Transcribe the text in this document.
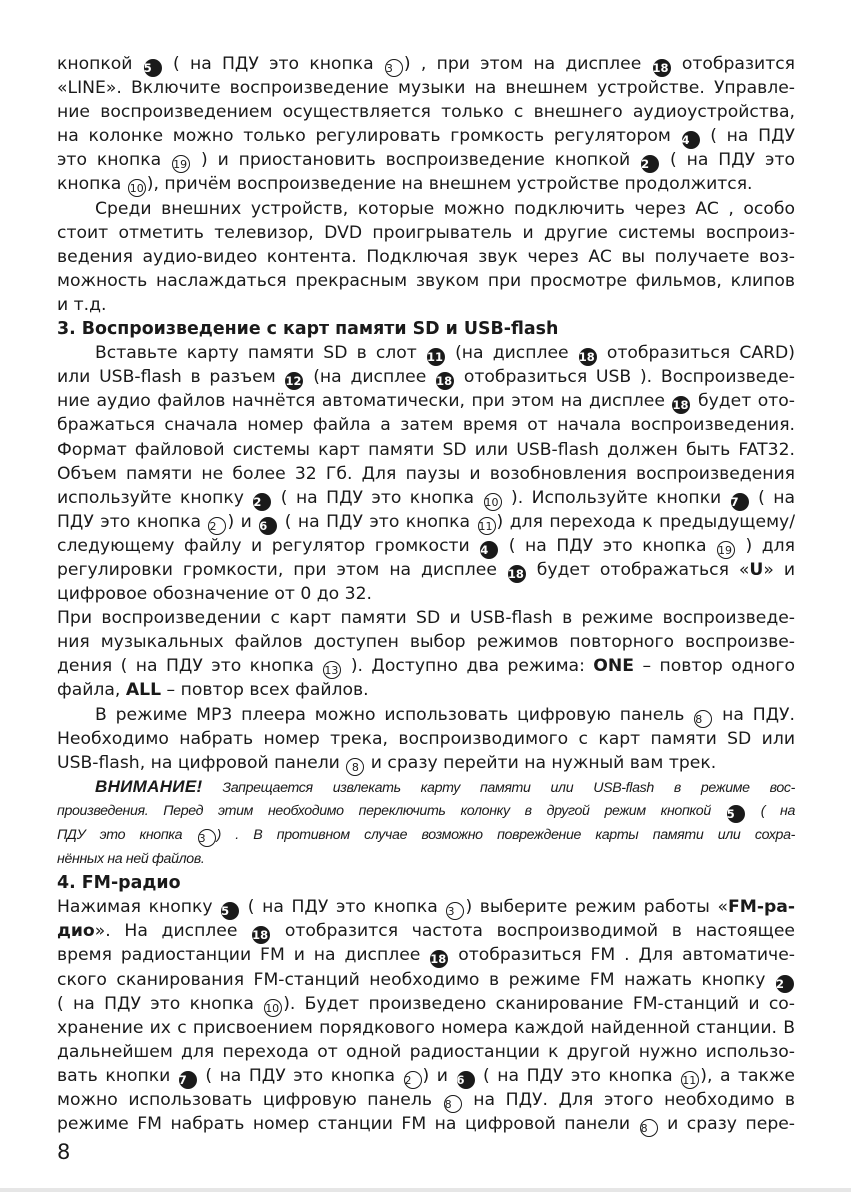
кнопкой 5 ( на ПДУ это кнопка 3 ) , при этом на дисплее 18 отобразится
«LINE». Включите воспроизведение музыки на внешнем устройстве. Управле-
ние воспроизведением осуществляется только с внешнего аудиоустройства,
на колонке можно только регулировать громкость регулятором 4 ( на ПДУ
это кнопка 19 ) и приостановить воспроизведение кнопкой 2 ( на ПДУ это
кнопка 10 ), причём воспроизведение на внешнем устройстве продолжится.
Среди внешних устройств, которые можно подключить через AC , особо
стоит отметить телевизор, DVD проигрыватель и другие системы воспроиз-
ведения аудио-видео контента. Подключая звук через AC вы получаете воз-
можность наслаждаться прекрасным звуком при просмотре фильмов, клипов
и т.д.
3. Воспроизведение с карт памяти SD и USB-flash
Вставьте карту памяти SD в слот 11 (на дисплее 18 отобразиться CARD)
или USB-flash в разъем 12 (на дисплее 18 отобразиться USB ). Воспроизведе-
ние аудио файлов начнётся автоматически, при этом на дисплее 18 будет ото-
бражаться сначала номер файла а затем время от начала воспроизведения.
Формат файловой системы карт памяти SD или USB-flash должен быть FAT32.
Объем памяти не более 32 Гб. Для паузы и возобновления воспроизведения
используйте кнопку 2 ( на ПДУ это кнопка 10 ). Используйте кнопки 7 ( на
ПДУ это кнопка 2 ) и 6 ( на ПДУ это кнопка 11 ) для перехода к предыдущему/
следующему файлу и регулятор громкости 4 ( на ПДУ это кнопка 19 ) для
регулировки громкости, при этом на дисплее 18 будет отображаться «U» и
цифровое обозначение от 0 до 32.
При воспроизведении с карт памяти SD и USB-flash в режиме воспроизведе-
ния музыкальных файлов доступен выбор режимов повторного воспроизве-
дения ( на ПДУ это кнопка 13 ). Доступно два режима: ONE – повтор одного
файла, ALL – повтор всех файлов.
В режиме MP3 плеера можно использовать цифровую панель 8 на ПДУ.
Необходимо набрать номер трека, воспроизводимого с карт памяти SD или
USB-flash, на цифровой панели 8 и сразу перейти на нужный вам трек.
ВНИМАНИЕ! Запрещается извлекать карту памяти или USB-flash в режиме вос-
произведения. Перед этим необходимо переключить колонку в другой режим кнопкой 5 ( на
ПДУ это кнопка 3 ) . В противном случае возможно повреждение карты памяти или сохра-
нённых на ней файлов.
4. FM-радио
Нажимая кнопку 5 ( на ПДУ это кнопка 3 ) выберите режим работы «FM-ра-
дио». На дисплее 18 отобразится частота воспроизводимой в настоящее
время радиостанции FM и на дисплее 18 отобразиться FM . Для автоматиче-
ского сканирования FM-станций необходимо в режиме FM нажать кнопку 2
( на ПДУ это кнопка 10 ). Будет произведено сканирование FM-станций и со-
хранение их с присвоением порядкового номера каждой найденной станции. В
дальнейшем для перехода от одной радиостанции к другой нужно использо-
вать кнопки 7 ( на ПДУ это кнопка 2 ) и 6 ( на ПДУ это кнопка 11 ), а также
можно использовать цифровую панель 8 на ПДУ. Для этого необходимо в
режиме FM набрать номер станции FM на цифровой панели 8 и сразу пере-
8
